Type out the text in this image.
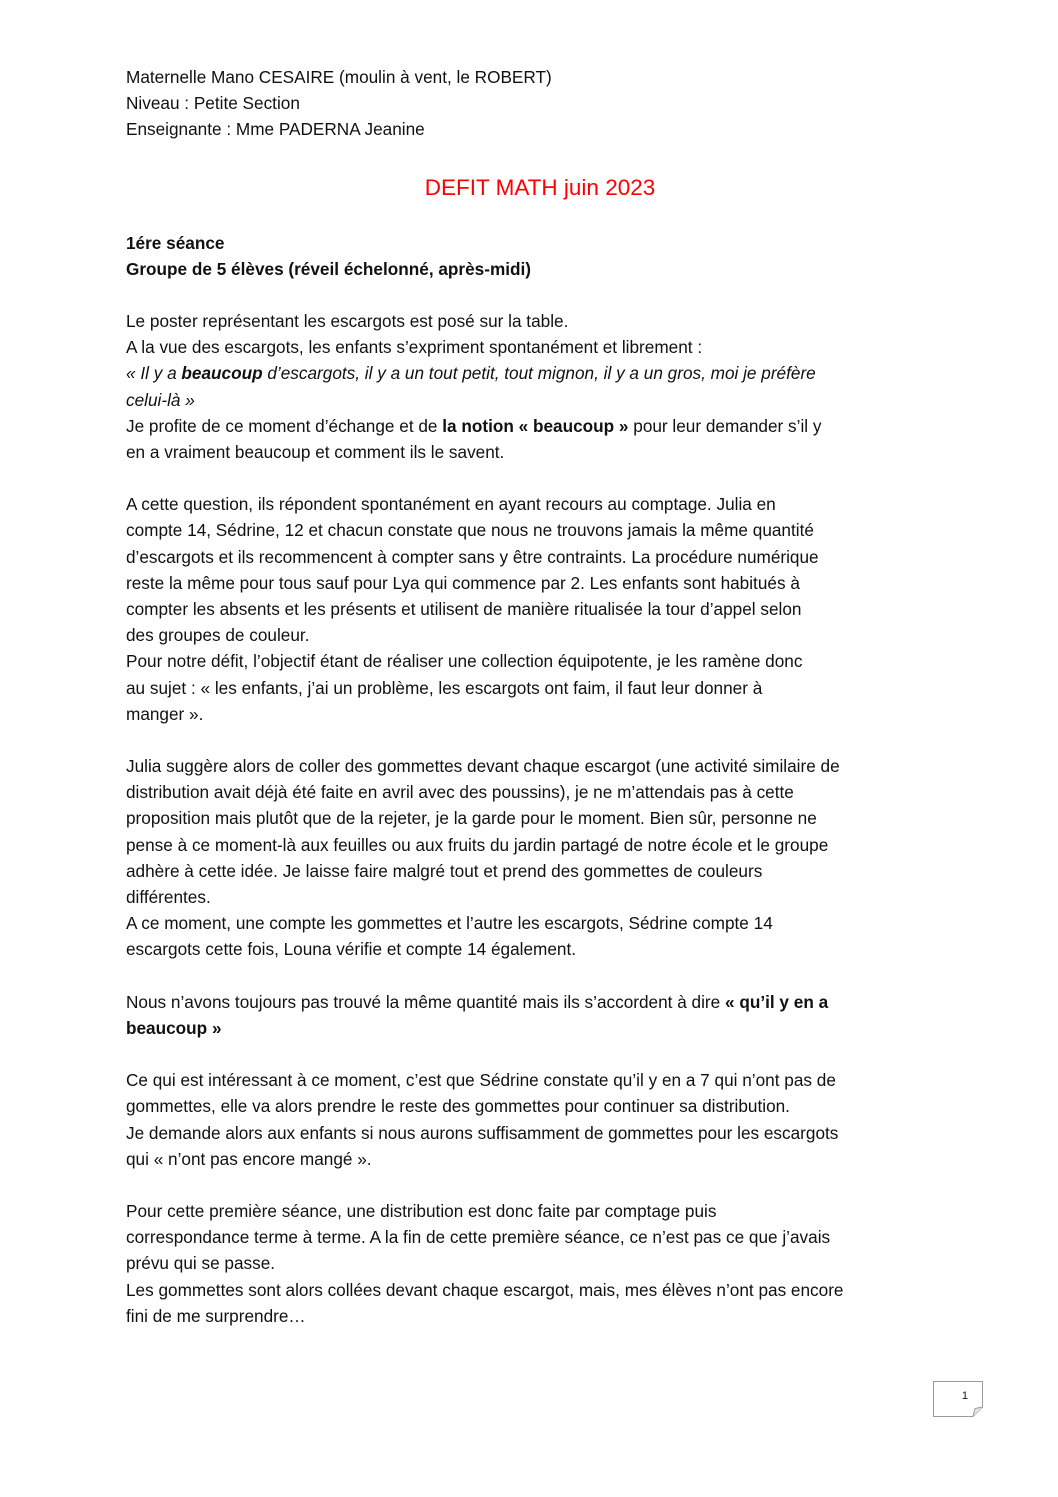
Maternelle Mano CESAIRE (moulin à vent, le ROBERT)
Niveau : Petite Section
Enseignante : Mme PADERNA Jeanine
DEFIT MATH juin 2023
1ére séance
Groupe de 5 élèves (réveil échelonné, après-midi)
Le poster représentant les escargots est posé sur la table.
A la vue des escargots, les enfants s’expriment spontanément et librement :
« Il y a beaucoup d’escargots, il y a un tout petit, tout mignon, il y a un gros, moi je préfère
celui-là »
Je profite de ce moment d’échange et de la notion « beaucoup » pour leur demander s’il y
en a vraiment beaucoup et comment ils le savent.
A cette question, ils répondent spontanément en ayant recours au comptage. Julia en
compte 14, Sédrine, 12 et chacun constate que nous ne trouvons jamais la même quantité
d’escargots et ils recommencent à compter sans y être contraints. La procédure numérique
reste la même pour tous sauf pour Lya qui commence par 2. Les enfants sont habitués à
compter les absents et les présents et utilisent de manière ritualisée la tour d’appel selon
des groupes de couleur.
Pour notre défit, l’objectif étant de réaliser une collection équipotente, je les ramène donc
au sujet : « les enfants, j’ai un problème, les escargots ont faim, il faut leur donner à
manger ».
Julia suggère alors de coller des gommettes devant chaque escargot (une activité similaire de
distribution avait déjà été faite en avril avec des poussins), je ne m’attendais pas à cette
proposition mais plutôt que de la rejeter, je la garde pour le moment. Bien sûr, personne ne
pense à ce moment-là aux feuilles ou aux fruits du jardin partagé de notre école et le groupe
adhère à cette idée. Je laisse faire malgré tout et prend des gommettes de couleurs
différentes.
A ce moment, une compte les gommettes et l’autre les escargots, Sédrine compte 14
escargots cette fois, Louna vérifie et compte 14 également.
Nous n’avons toujours pas trouvé la même quantité mais ils s’accordent à dire « qu’il y en a
beaucoup »
Ce qui est intéressant à ce moment, c’est que Sédrine constate qu’il y en a 7 qui n’ont pas de
gommettes, elle va alors prendre le reste des gommettes pour continuer sa distribution.
Je demande alors aux enfants si nous aurons suffisamment de gommettes pour les escargots
qui « n’ont pas encore mangé ».
Pour cette première séance, une distribution est donc faite par comptage puis
correspondance terme à terme. A la fin de cette première séance, ce n’est pas ce que j’avais
prévu qui se passe.
Les gommettes sont alors collées devant chaque escargot, mais, mes élèves n’ont pas encore
fini de me surprendre…
1
